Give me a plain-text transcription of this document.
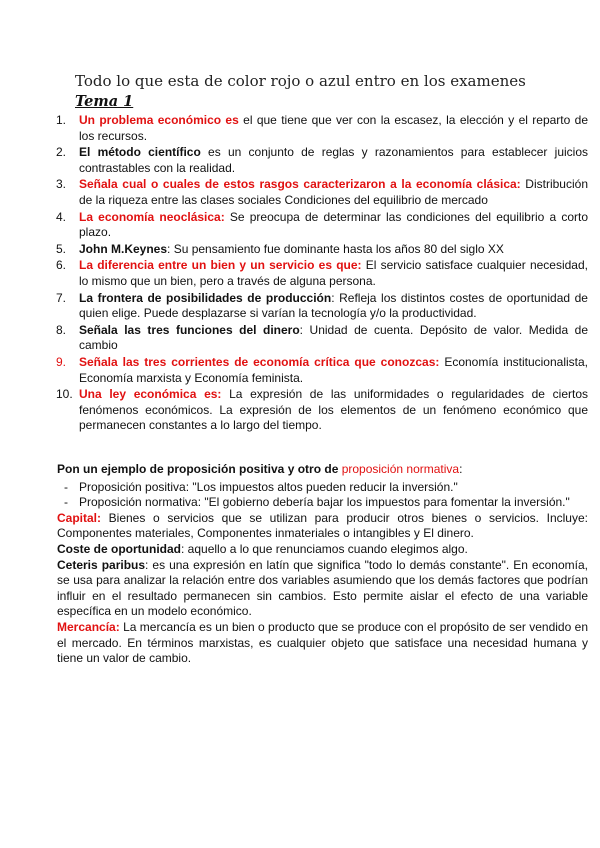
Todo lo que esta de color rojo o azul entro en los examenes
Tema 1
1.	Un problema económico es el que tiene que ver con la escasez, la elección y el reparto de los recursos.
2.	El método científico es un conjunto de reglas y razonamientos para establecer juicios contrastables con la realidad.
3.	Señala cual o cuales de estos rasgos caracterizaron a la economía clásica: Distribución de la riqueza entre las clases sociales Condiciones del equilibrio de mercado
4.	La economía neoclásica: Se preocupa de determinar las condiciones del equilibrio a corto plazo.
5.	John M.Keynes: Su pensamiento fue dominante hasta los años 80 del siglo XX
6.	La diferencia entre un bien y un servicio es que: El servicio satisface cualquier necesidad, lo mismo que un bien, pero a través de alguna persona.
7.	La frontera de posibilidades de producción: Refleja los distintos costes de oportunidad de quien elige. Puede desplazarse si varían la tecnología y/o la productividad.
8.	Señala las tres funciones del dinero: Unidad de cuenta. Depósito de valor. Medida de cambio
9.	Señala las tres corrientes de economía crítica que conozcas: Economía institucionalista, Economía marxista y Economía feminista.
10. Una ley económica es: La expresión de las uniformidades o regularidades de ciertos fenómenos económicos. La expresión de los elementos de un fenómeno económico que permanecen constantes a lo largo del tiempo.
Pon un ejemplo de proposición positiva y otro de proposición normativa:
- Proposición positiva: "Los impuestos altos pueden reducir la inversión."
- Proposición normativa: "El gobierno debería bajar los impuestos para fomentar la inversión."
Capital: Bienes o servicios que se utilizan para producir otros bienes o servicios. Incluye: Componentes materiales, Componentes inmateriales o intangibles y El dinero.
Coste de oportunidad: aquello a lo que renunciamos cuando elegimos algo.
Ceteris paribus: es una expresión en latín que significa "todo lo demás constante". En economía, se usa para analizar la relación entre dos variables asumiendo que los demás factores que podrían influir en el resultado permanecen sin cambios. Esto permite aislar el efecto de una variable específica en un modelo económico.
Mercancía: La mercancía es un bien o producto que se produce con el propósito de ser vendido en el mercado. En términos marxistas, es cualquier objeto que satisface una necesidad humana y tiene un valor de cambio.
